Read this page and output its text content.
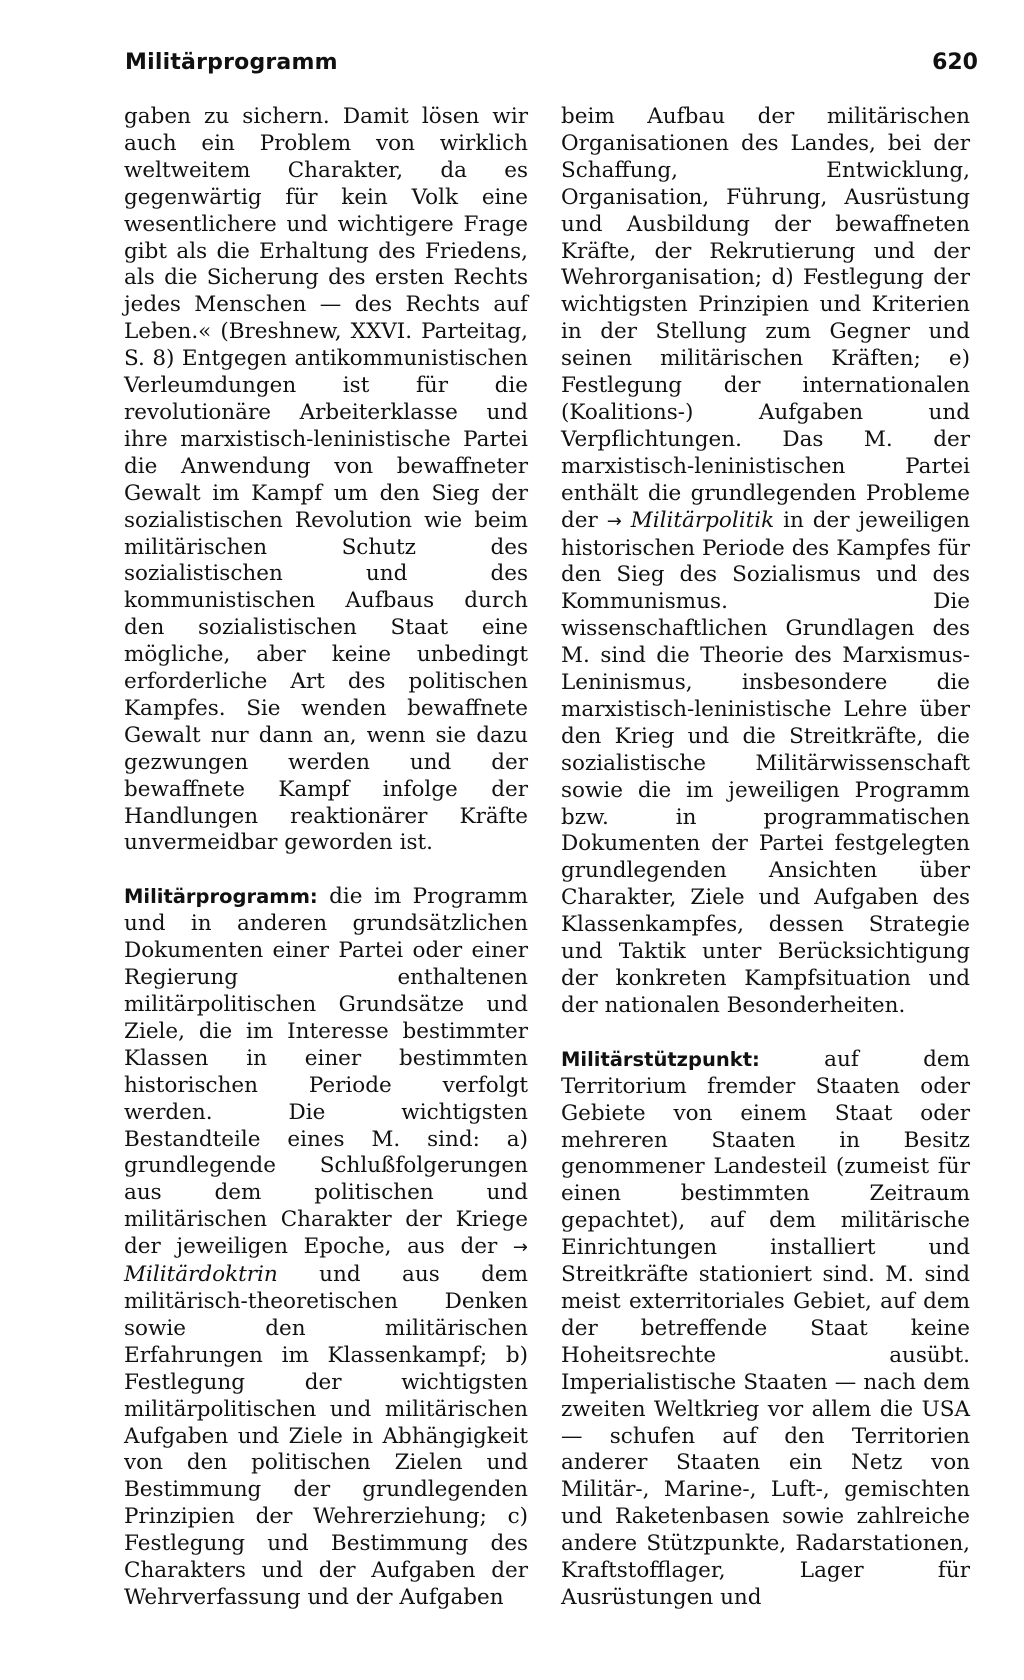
Militärprogramm	620

gaben zu sichern. Damit lösen wir auch ein Problem von wirklich weltweitem Charakter, da es gegenwärtig für kein Volk eine wesentlichere und wichtigere Frage gibt als die Erhaltung des Friedens, als die Sicherung des ersten Rechts jedes Menschen — des Rechts auf Leben.« (Breshnew, XXVI. Parteitag, S. 8) Entgegen antikommunistischen Verleumdungen ist für die revolutionäre Arbeiterklasse und ihre marxistisch-leninistische Partei die Anwendung von bewaffneter Gewalt im Kampf um den Sieg der sozialistischen Revolution wie beim militärischen Schutz des sozialistischen und des kommunistischen Aufbaus durch den sozialistischen Staat eine mögliche, aber keine unbedingt erforderliche Art des politischen Kampfes. Sie wenden bewaffnete Gewalt nur dann an, wenn sie dazu gezwungen werden und der bewaffnete Kampf infolge der Handlungen reaktionärer Kräfte unvermeidbar geworden ist.

Militärprogramm: die im Programm und in anderen grundsätzlichen Dokumenten einer Partei oder einer Regierung enthaltenen militärpolitischen Grundsätze und Ziele, die im Interesse bestimmter Klassen in einer bestimmten historischen Periode verfolgt werden. Die wichtigsten Bestandteile eines M. sind: a) grundlegende Schlußfolgerungen aus dem politischen und militärischen Charakter der Kriege der jeweiligen Epoche, aus der → Militärdoktrin und aus dem militärisch-theoretischen Denken sowie den militärischen Erfahrungen im Klassenkampf; b) Festlegung der wichtigsten militärpolitischen und militärischen Aufgaben und Ziele in Abhängigkeit von den politischen Zielen und Bestimmung der grundlegenden Prinzipien der Wehrerziehung; c) Festlegung und Bestimmung des Charakters und der Aufgaben der Wehrverfassung und der Aufgaben

beim Aufbau der militärischen Organisationen des Landes, bei der Schaffung, Entwicklung, Organisation, Führung, Ausrüstung und Ausbildung der bewaffneten Kräfte, der Rekrutierung und der Wehrorganisation; d) Festlegung der wichtigsten Prinzipien und Kriterien in der Stellung zum Gegner und seinen militärischen Kräften; e) Festlegung der internationalen (Koalitions-) Aufgaben und Verpflichtungen. Das M. der marxistisch-leninistischen Partei enthält die grundlegenden Probleme der → Militärpolitik in der jeweiligen historischen Periode des Kampfes für den Sieg des Sozialismus und des Kommunismus. Die wissenschaftlichen Grundlagen des M. sind die Theorie des Marxismus-Leninismus, insbesondere die marxistisch-leninistische Lehre über den Krieg und die Streitkräfte, die sozialistische Militärwissenschaft sowie die im jeweiligen Programm bzw. in programmatischen Dokumenten der Partei festgelegten grundlegenden Ansichten über Charakter, Ziele und Aufgaben des Klassenkampfes, dessen Strategie und Taktik unter Berücksichtigung der konkreten Kampfsituation und der nationalen Besonderheiten.

Militärstützpunkt:	auf dem Territorium fremder Staaten oder Gebiete von einem Staat oder mehreren Staaten in Besitz genommener Landesteil (zumeist für einen bestimmten Zeitraum gepachtet), auf dem militärische Einrichtungen installiert und Streitkräfte stationiert sind. M. sind meist exterritoriales Gebiet, auf dem der betreffende Staat keine Hoheitsrechte ausübt. Imperialistische Staaten — nach dem zweiten Weltkrieg vor allem die USA — schufen auf den Territorien anderer Staaten ein Netz von Militär-, Marine-, Luft-, gemischten und Raketenbasen sowie zahlreiche andere Stützpunkte, Radarstationen, Kraftstofflager, Lager für Ausrüstungen und
